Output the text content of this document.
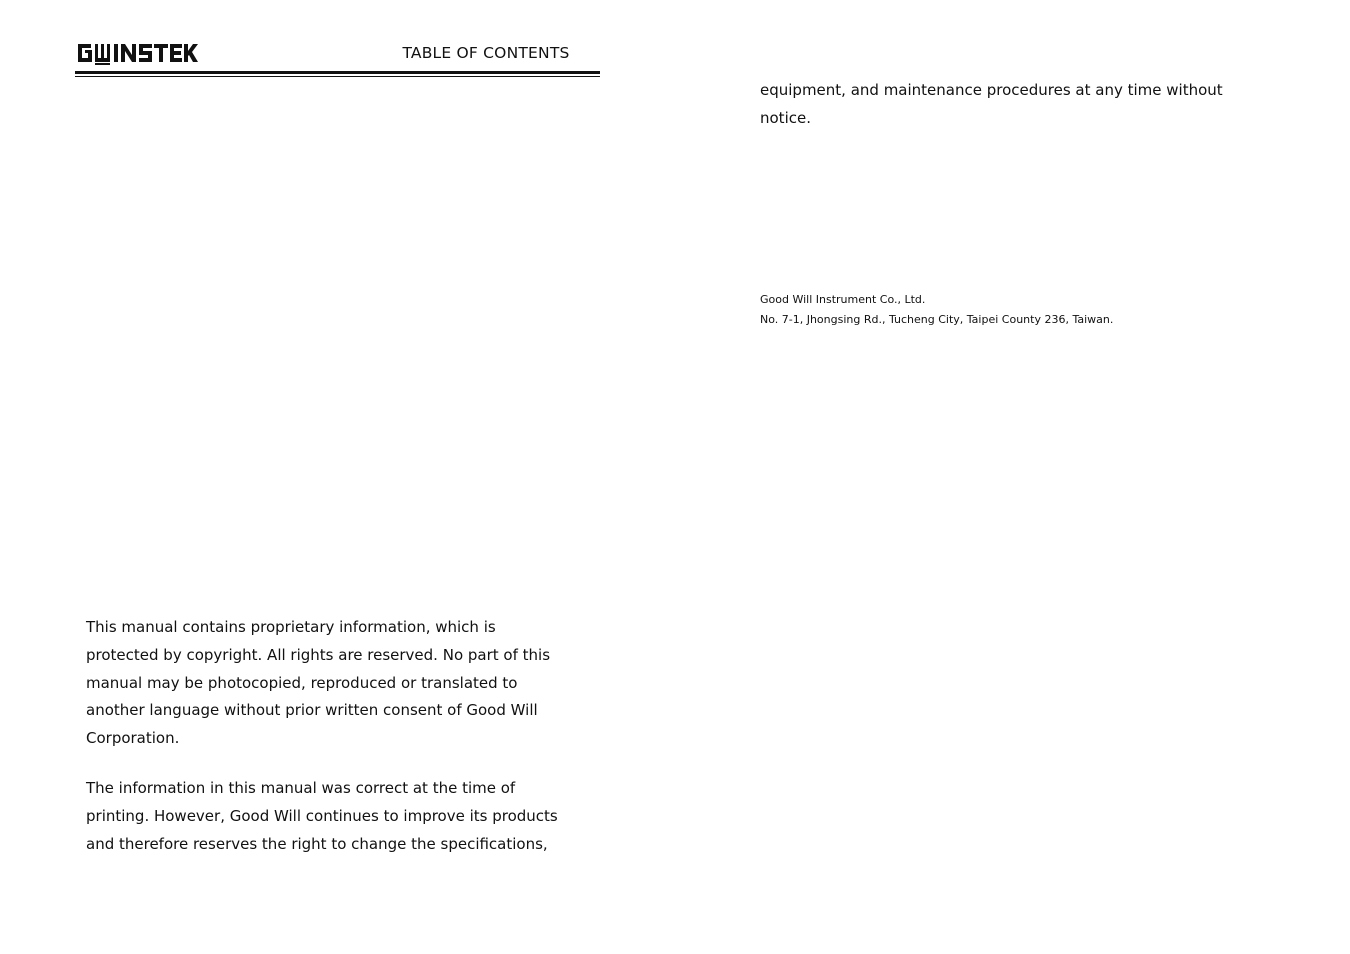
TABLE OF CONTENTS

This manual contains proprietary information, which is protected by copyright. All rights are reserved. No part of this manual may be photocopied, reproduced or translated to another language without prior written consent of Good Will Corporation.

The information in this manual was correct at the time of printing. However, Good Will continues to improve its products and therefore reserves the right to change the specifications,

equipment, and maintenance procedures at any time without notice.

Good Will Instrument Co., Ltd.
No. 7-1, Jhongsing Rd., Tucheng City, Taipei County 236, Taiwan.
